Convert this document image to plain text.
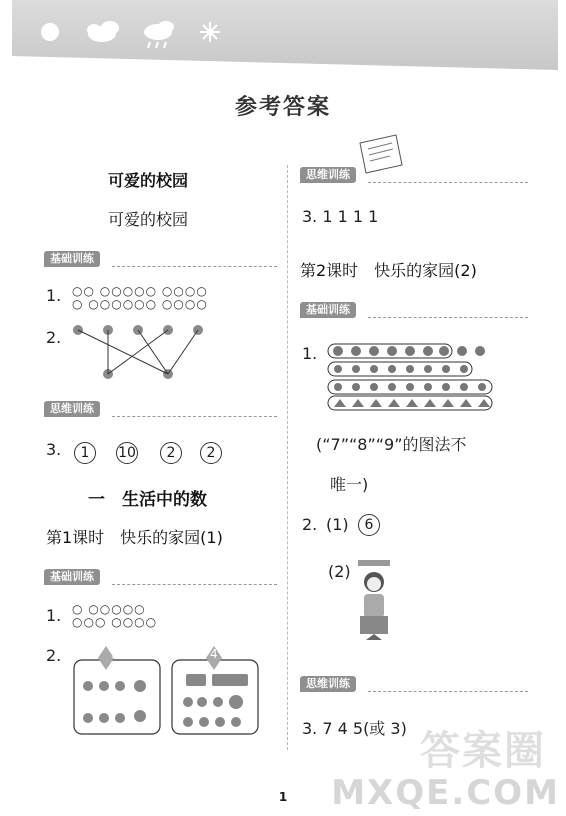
参考答案
可爱的校园
可爱的校园
基础训练
1. ○○ ○○○○○ ○○○○
○ ○○○○○○ ○○○○
2.
思维训练
3.	1	10	2	2
一　生活中的数
第1课时　快乐的家园(1)
基础训练
1. ○ ○○○○○
○○○ ○○○○
2.	3	4
思维训练
3. 1 1 1 1
第2课时　快乐的家园(2)
基础训练
1.
(“7”“8”“9”的图法不
唯一)
2. (1)	6
(2)
思维训练
3. 7 4 5(或 3)
1
答案圈
MXQE.COM
